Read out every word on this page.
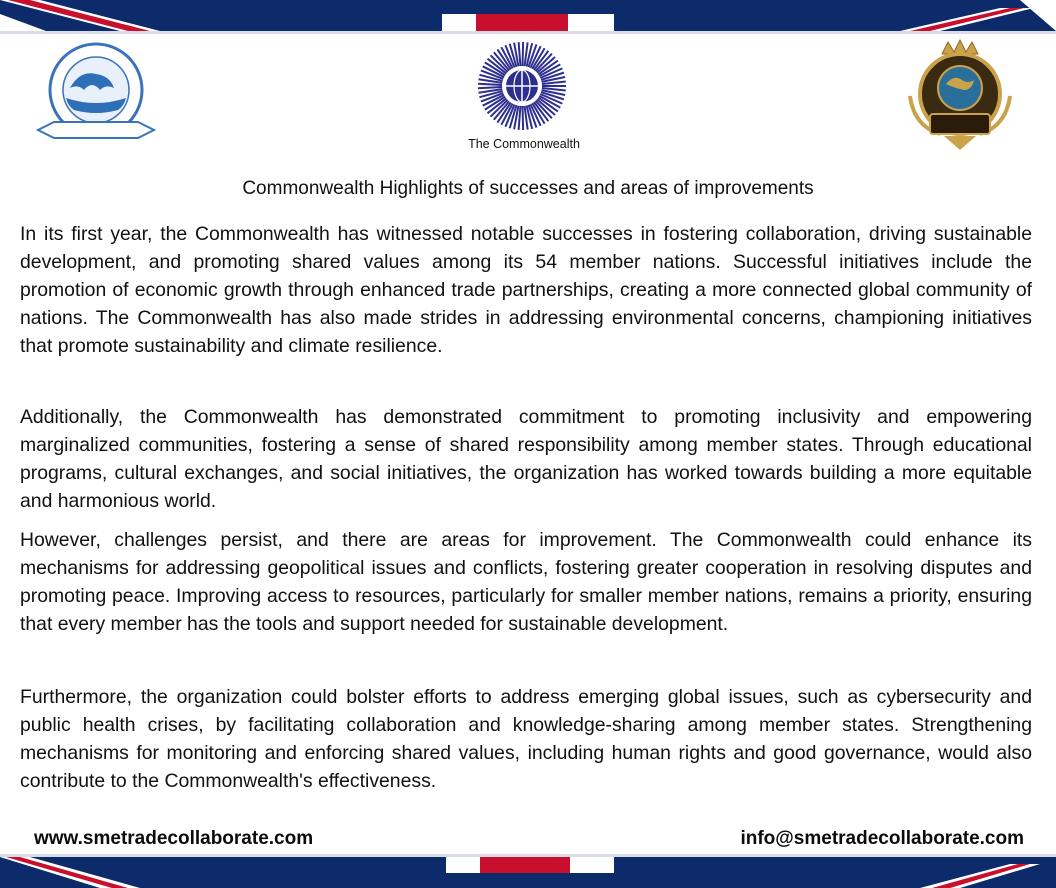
The Commonwealth
Commonwealth Highlights of successes and areas of improvements

In its first year, the Commonwealth has witnessed notable successes in fostering collaboration, driving sustainable development, and promoting shared values among its 54 member nations. Successful initiatives include the promotion of economic growth through enhanced trade partnerships, creating a more connected global community of nations. The Commonwealth has also made strides in addressing environmental concerns, championing initiatives that promote sustainability and climate resilience.

Additionally, the Commonwealth has demonstrated commitment to promoting inclusivity and empowering marginalized communities, fostering a sense of shared responsibility among member states. Through educational programs, cultural exchanges, and social initiatives, the organization has worked towards building a more equitable and harmonious world.

However, challenges persist, and there are areas for improvement. The Commonwealth could enhance its mechanisms for addressing geopolitical issues and conflicts, fostering greater cooperation in resolving disputes and promoting peace. Improving access to resources, particularly for smaller member nations, remains a priority, ensuring that every member has the tools and support needed for sustainable development.

Furthermore, the organization could bolster efforts to address emerging global issues, such as cybersecurity and public health crises, by facilitating collaboration and knowledge-sharing among member states. Strengthening mechanisms for monitoring and enforcing shared values, including human rights and good governance, would also contribute to the Commonwealth's effectiveness.

www.smetradecollaborate.com	info@smetradecollaborate.com
